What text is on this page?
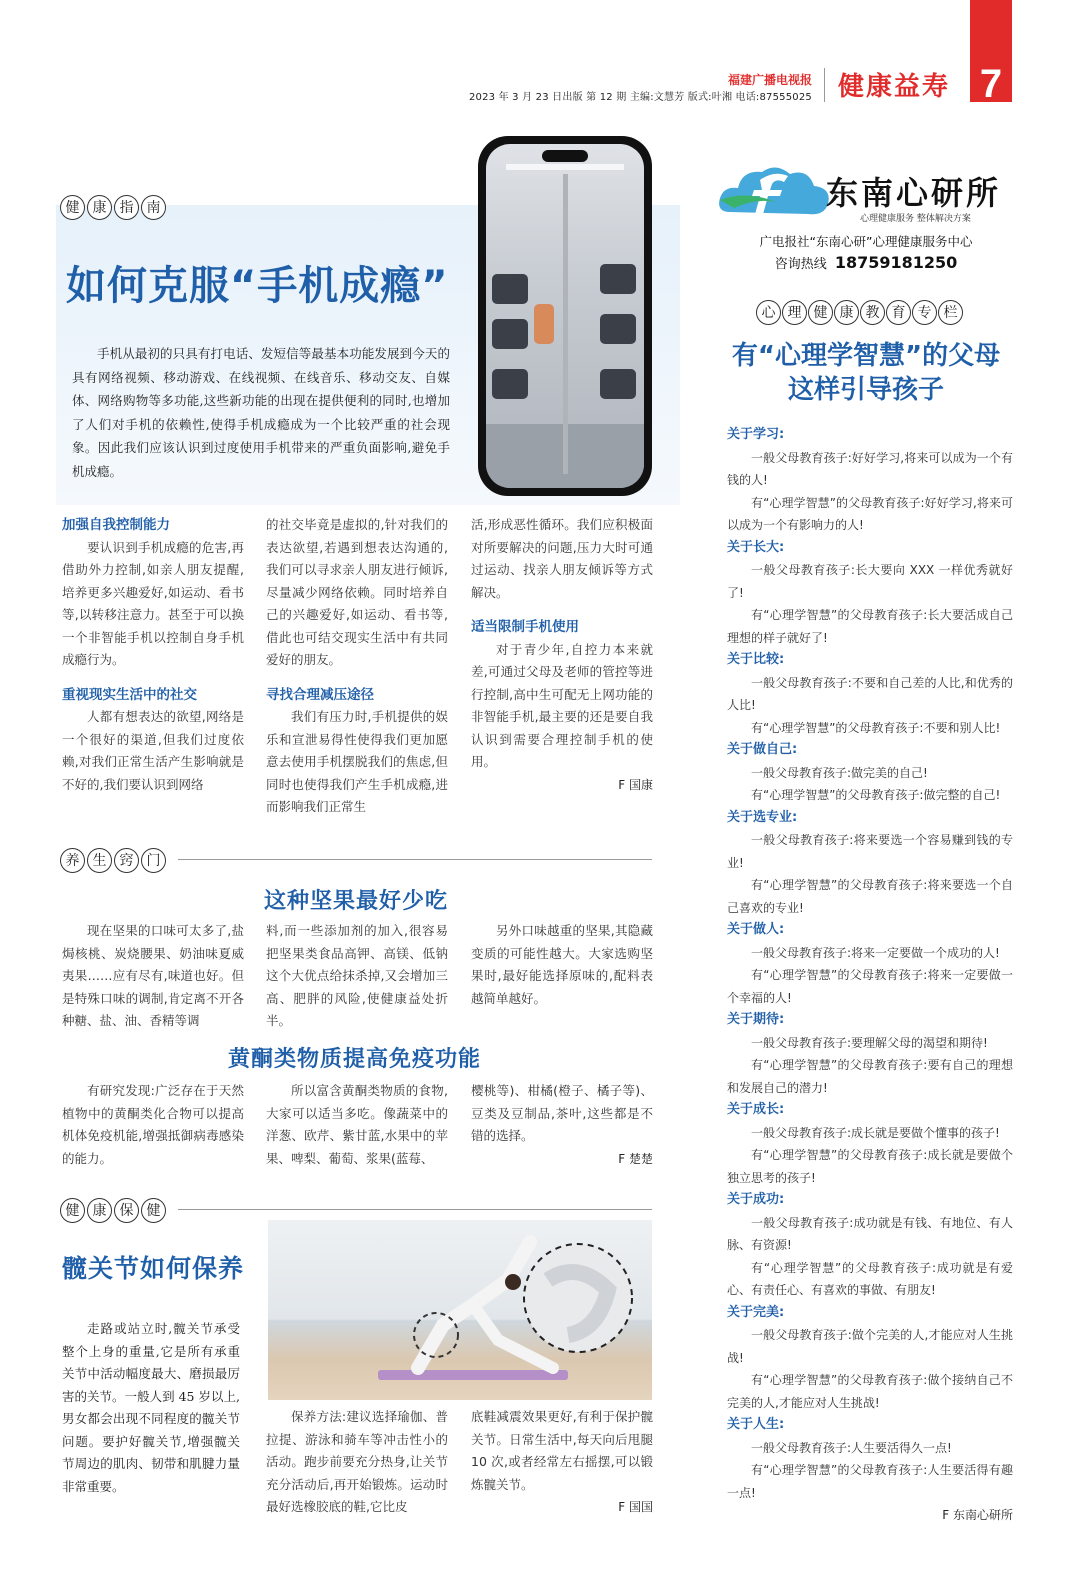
福建广播电视报
2023 年 3 月 23 日出版 第 12 期 主编:文慧芳 版式:叶湘 电话:87555025 健康益寿 7
健 康 指 南
如何克服“手机成瘾”
手机从最初的只具有打电话、发短信等最基本功能发展到今天的具有网络视频、移动游戏、在线视频、在线音乐、移动交友、自媒体、网络购物等多功能,这些新功能的出现在提供便利的同时,也增加了人们对手机的依赖性,使得手机成瘾成为一个比较严重的社会现象。因此我们应该认识到过度使用手机带来的严重负面影响,避免手机成瘾。

加强自我控制能力

要认识到手机成瘾的危害,再借助外力控制,如亲人朋友提醒,培养更多兴趣爱好,如运动、看书等,以转移注意力。甚至于可以换一个非智能手机以控制自身手机成瘾行为。

重视现实生活中的社交

人都有想表达的欲望,网络是一个很好的渠道,但我们过度依赖,对我们正常生活产生影响就是不好的,我们要认识到网络

的社交毕竟是虚拟的,针对我们的表达欲望,若遇到想表达沟通的,我们可以寻求亲人朋友进行倾诉,尽量减少网络依赖。同时培养自己的兴趣爱好,如运动、看书等,借此也可结交现实生活中有共同爱好的朋友。

寻找合理减压途径

我们有压力时,手机提供的娱乐和宣泄易得性使得我们更加愿意去使用手机摆脱我们的焦虑,但同时也使得我们产生手机成瘾,进而影响我们正常生

活,形成恶性循环。我们应积极面对所要解决的问题,压力大时可通过运动、找亲人朋友倾诉等方式解决。

适当限制手机使用

对于青少年,自控力本来就差,可通过父母及老师的管控等进行控制,高中生可配无上网功能的非智能手机,最主要的还是要自我认识到需要合理控制手机的使用。

F 国康

养 生 窍 门
这种坚果最好少吃

现在坚果的口味可太多了,盐焗核桃、炭烧腰果、奶油味夏威夷果……应有尽有,味道也好。但是特殊口味的调制,肯定离不开各种糖、盐、油、香精等调

料,而一些添加剂的加入,很容易把坚果类食品高钾、高镁、低钠这个大优点给抹杀掉,又会增加三高、肥胖的风险,使健康益处折半。

另外口味越重的坚果,其隐藏变质的可能性越大。大家选购坚果时,最好能选择原味的,配料表越简单越好。

黄酮类物质提高免疫功能

有研究发现:广泛存在于天然植物中的黄酮类化合物可以提高机体免疫机能,增强抵御病毒感染的能力。

所以富含黄酮类物质的食物,大家可以适当多吃。像蔬菜中的洋葱、欧芹、紫甘蓝,水果中的苹果、啤梨、葡萄、浆果(蓝莓、

樱桃等)、柑橘(橙子、橘子等)、豆类及豆制品,茶叶,这些都是不错的选择。

F 楚楚

健 康 保 健
髋关节如何保养
走路或站立时,髋关节承受整个上身的重量,它是所有承重关节中活动幅度最大、磨损最厉害的关节。一般人到 45 岁以上,男女都会出现不同程度的髋关节问题。要护好髋关节,增强髋关节周边的肌肉、韧带和肌腱力量非常重要。

保养方法:建议选择瑜伽、普拉提、游泳和骑车等冲击性小的活动。跑步前要充分热身,让关节充分活动后,再开始锻炼。运动时最好选橡胶底的鞋,它比皮

底鞋减震效果更好,有利于保护髋关节。日常生活中,每天向后甩腿 10 次,或者经常左右摇摆,可以锻炼髋关节。

F 国国

东南心研所
心理健康服务 整体解决方案
广电报社“东南心研”心理健康服务中心
咨询热线 18759181250
心 理 健 康 教 育 专 栏
有“心理学智慧”的父母
这样引导孩子

关于学习:

一般父母教育孩子:好好学习,将来可以成为一个有钱的人!

有“心理学智慧”的父母教育孩子:好好学习,将来可以成为一个有影响力的人!

关于长大:

一般父母教育孩子:长大要向 XXX 一样优秀就好了!

有“心理学智慧”的父母教育孩子:长大要活成自己理想的样子就好了!

关于比较:

一般父母教育孩子:不要和自己差的人比,和优秀的人比!

有“心理学智慧”的父母教育孩子:不要和别人比!

关于做自己:

一般父母教育孩子:做完美的自己!

有“心理学智慧”的父母教育孩子:做完整的自己!

关于选专业:

一般父母教育孩子:将来要选一个容易赚到钱的专业!

有“心理学智慧”的父母教育孩子:将来要选一个自己喜欢的专业!

关于做人:

一般父母教育孩子:将来一定要做一个成功的人!

有“心理学智慧”的父母教育孩子:将来一定要做一个幸福的人!

关于期待:

一般父母教育孩子:要理解父母的渴望和期待!

有“心理学智慧”的父母教育孩子:要有自己的理想和发展自己的潜力!

关于成长:

一般父母教育孩子:成长就是要做个懂事的孩子!

有“心理学智慧”的父母教育孩子:成长就是要做个独立思考的孩子!

关于成功:

一般父母教育孩子:成功就是有钱、有地位、有人脉、有资源!

有“心理学智慧”的父母教育孩子:成功就是有爱心、有责任心、有喜欢的事做、有朋友!

关于完美:

一般父母教育孩子:做个完美的人,才能应对人生挑战!

有“心理学智慧”的父母教育孩子:做个接纳自己不完美的人,才能应对人生挑战!

关于人生:

一般父母教育孩子:人生要活得久一点!

有“心理学智慧”的父母教育孩子:人生要活得有趣一点!

F 东南心研所
